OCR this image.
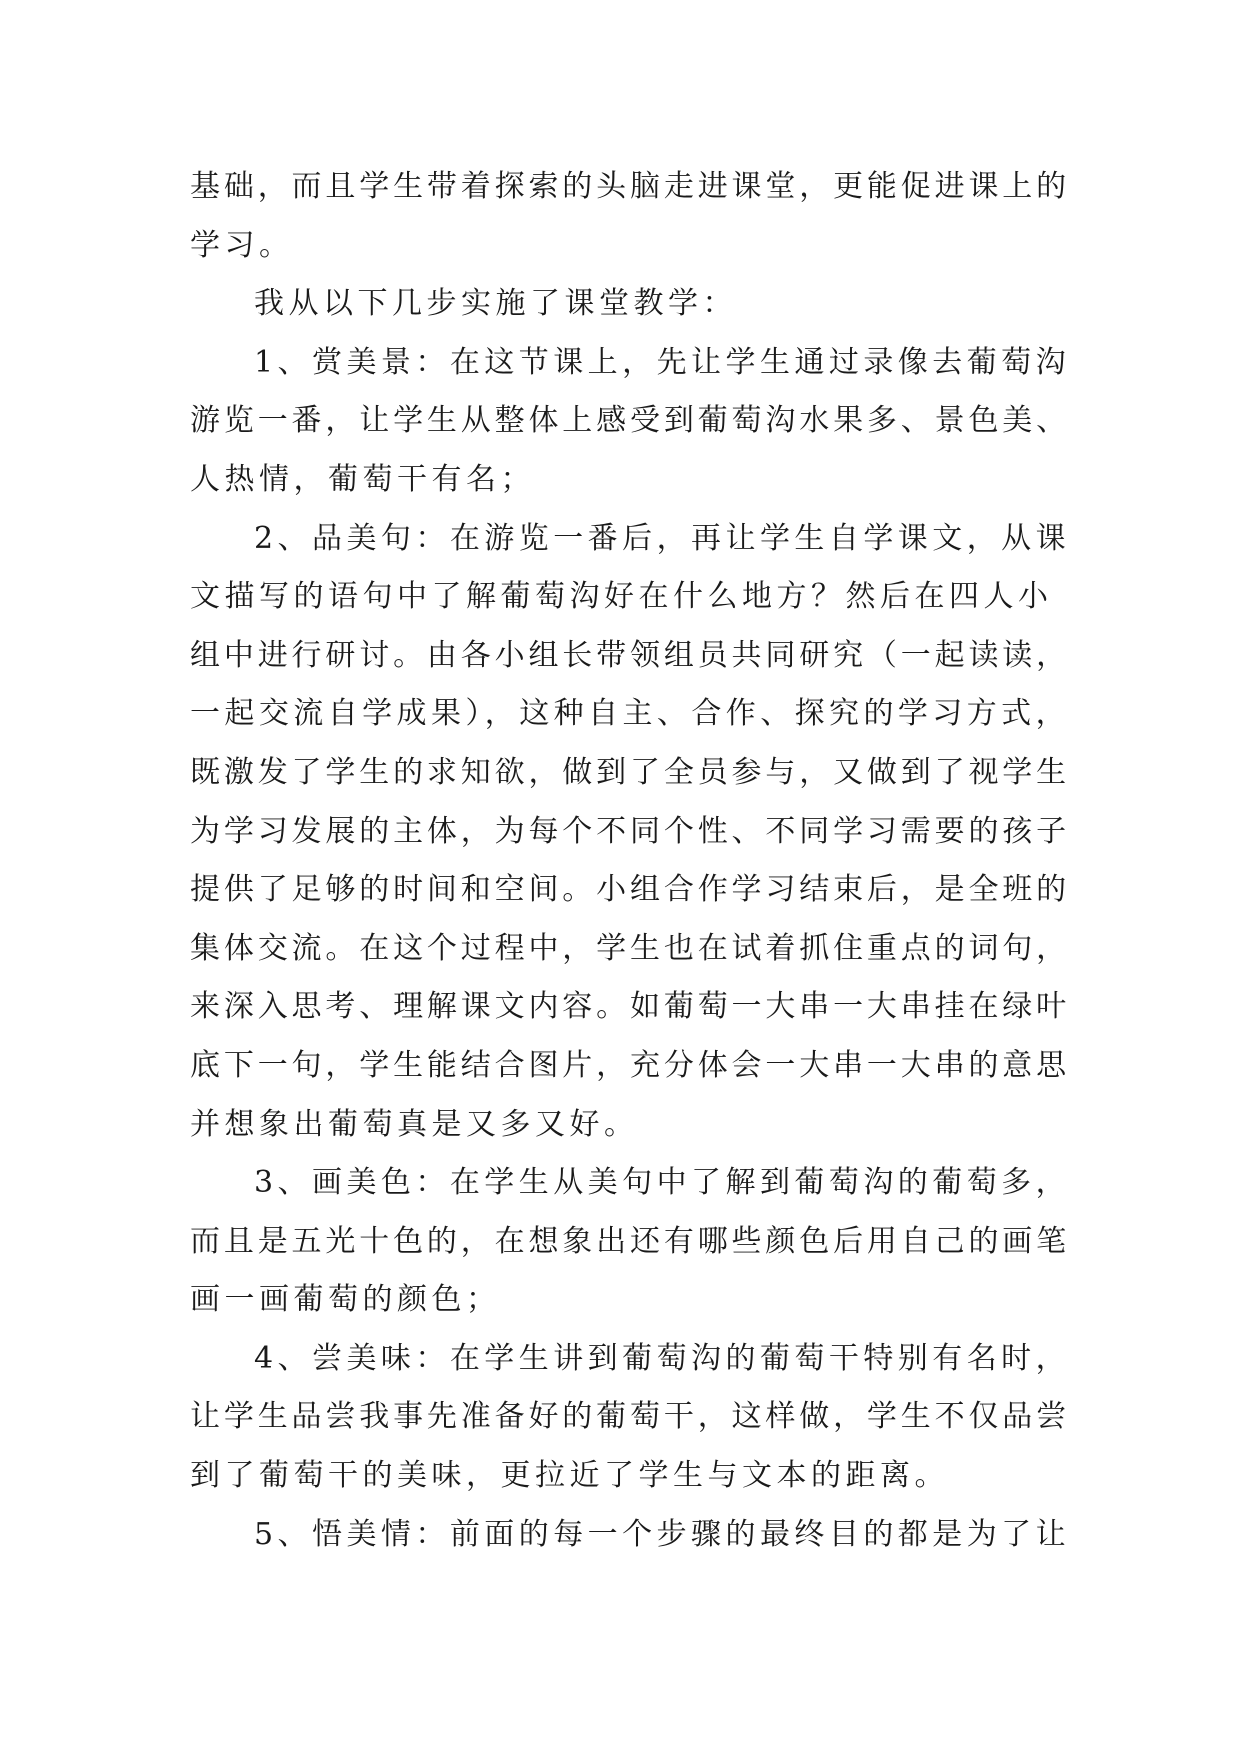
基础，而且学生带着探索的头脑走进课堂，更能促进课上的
学习。
我从以下几步实施了课堂教学：
1、赏美景：在这节课上，先让学生通过录像去葡萄沟
游览一番，让学生从整体上感受到葡萄沟水果多、景色美、
人热情，葡萄干有名；
2、品美句：在游览一番后，再让学生自学课文，从课
文描写的语句中了解葡萄沟好在什么地方？然后在四人小
组中进行研讨。由各小组长带领组员共同研究（一起读读，
一起交流自学成果），这种自主、合作、探究的学习方式，
既激发了学生的求知欲，做到了全员参与，又做到了视学生
为学习发展的主体，为每个不同个性、不同学习需要的孩子
提供了足够的时间和空间。小组合作学习结束后，是全班的
集体交流。在这个过程中，学生也在试着抓住重点的词句，
来深入思考、理解课文内容。如葡萄一大串一大串挂在绿叶
底下一句，学生能结合图片，充分体会一大串一大串的意思
并想象出葡萄真是又多又好。
3、画美色：在学生从美句中了解到葡萄沟的葡萄多，
而且是五光十色的，在想象出还有哪些颜色后用自己的画笔
画一画葡萄的颜色；
4、尝美味：在学生讲到葡萄沟的葡萄干特别有名时，
让学生品尝我事先准备好的葡萄干，这样做，学生不仅品尝
到了葡萄干的美味，更拉近了学生与文本的距离。
5、悟美情：前面的每一个步骤的最终目的都是为了让
